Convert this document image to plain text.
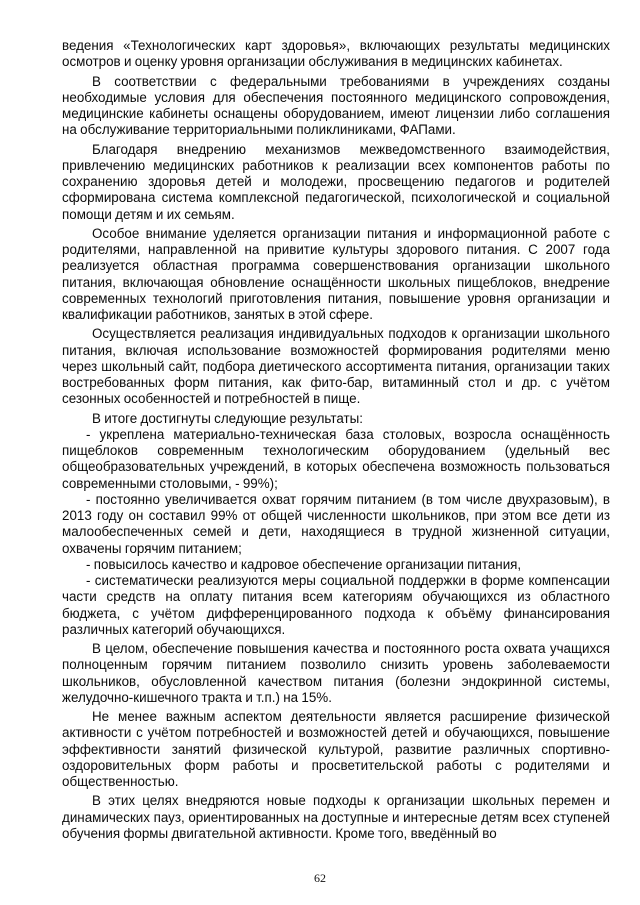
ведения «Технологических карт здоровья», включающих результаты медицинских осмотров и оценку уровня организации обслуживания в медицинских кабинетах.

В соответствии с федеральными требованиями в учреждениях созданы необходимые условия для обеспечения постоянного медицинского сопровождения, медицинские кабинеты оснащены оборудованием, имеют лицензии либо соглашения на обслуживание территориальными поликлиниками, ФАПами.

Благодаря внедрению механизмов межведомственного взаимодействия, привлечению медицинских работников к реализации всех компонентов работы по сохранению здоровья детей и молодежи, просвещению педагогов и родителей сформирована система комплексной педагогической, психологической и социальной помощи детям и их семьям.

Особое внимание уделяется организации питания и информационной работе с родителями, направленной на привитие культуры здорового питания. С 2007 года реализуется областная программа совершенствования организации школьного питания, включающая обновление оснащённости школьных пищеблоков, внедрение современных технологий приготовления питания, повышение уровня организации и квалификации работников, занятых в этой сфере.

Осуществляется реализация индивидуальных подходов к организации школьного питания, включая использование возможностей формирования родителями меню через школьный сайт, подбора диетического ассортимента питания, организации таких востребованных форм питания, как фито-бар, витаминный стол и др. с учётом сезонных особенностей и потребностей в пище.

В итоге достигнуты следующие результаты:

- укреплена материально-техническая база столовых, возросла оснащённость пищеблоков современным технологическим оборудованием (удельный вес общеобразовательных учреждений, в которых обеспечена возможность пользоваться современными столовыми, - 99%);

- постоянно увеличивается охват горячим питанием (в том числе двухразовым), в 2013 году он составил 99% от общей численности школьников, при этом все дети из малообеспеченных семей и дети, находящиеся в трудной жизненной ситуации, охвачены горячим питанием;

- повысилось качество и кадровое обеспечение организации питания,

- систематически реализуются меры социальной поддержки в форме компенсации части средств на оплату питания всем категориям обучающихся из областного бюджета, с учётом дифференцированного подхода к объёму финансирования различных категорий обучающихся.

В целом, обеспечение повышения качества и постоянного роста охвата учащихся полноценным горячим питанием позволило снизить уровень заболеваемости школьников, обусловленной качеством питания (болезни эндокринной системы, желудочно-кишечного тракта и т.п.) на 15%.

Не менее важным аспектом деятельности является расширение физической активности с учётом потребностей и возможностей детей и обучающихся, повышение эффективности занятий физической культурой, развитие различных спортивно-оздоровительных форм работы и просветительской работы с родителями и общественностью.

В этих целях внедряются новые подходы к организации школьных перемен и динамических пауз, ориентированных на доступные и интересные детям всех ступеней обучения формы двигательной активности. Кроме того, введённый во

62
